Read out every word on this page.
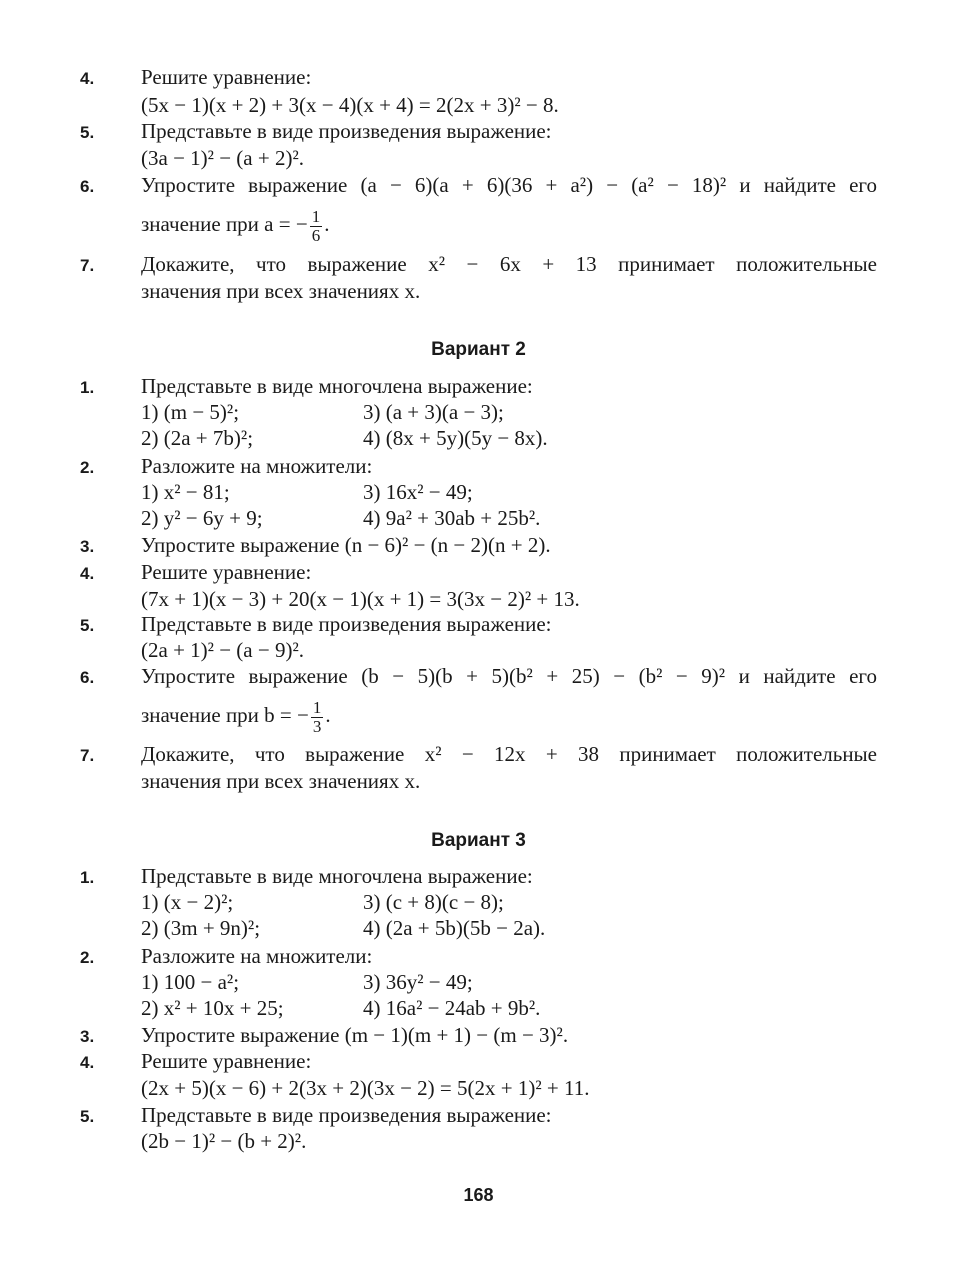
4. Решите уравнение:
(5x − 1)(x + 2) + 3(x − 4)(x + 4) = 2(2x + 3)² − 8.
5. Представьте в виде произведения выражение:
(3a − 1)² − (a + 2)².
6. Упростите выражение (a − 6)(a + 6)(36 + a²) − (a² − 18)² и найдите его
значение при a = − $\frac{1}{6}$ .
7. Докажите, что выражение x² − 6x + 13 принимает положительные
значения при всех значениях x.
Вариант 2
1. Представьте в виде многочлена выражение:
1) (m − 5)²;	3) (a + 3)(a − 3);
2) (2a + 7b)²;	4) (8x + 5y)(5y − 8x).
2. Разложите на множители:
1) x² − 81;	3) 16x² − 49;
2) y² − 6y + 9;	4) 9a² + 30ab + 25b².
3. Упростите выражение (n − 6)² − (n − 2)(n + 2).
4. Решите уравнение:
(7x + 1)(x − 3) + 20(x − 1)(x + 1) = 3(3x − 2)² + 13.
5. Представьте в виде произведения выражение:
(2a + 1)² − (a − 9)².
6. Упростите выражение (b − 5)(b + 5)(b² + 25) − (b² − 9)² и найдите его
значение при b = − $\frac{1}{3}$ .
7. Докажите, что выражение x² − 12x + 38 принимает положительные
значения при всех значениях x.
Вариант 3
1. Представьте в виде многочлена выражение:
1) (x − 2)²;	3) (c + 8)(c − 8);
2) (3m + 9n)²;	4) (2a + 5b)(5b − 2a).
2. Разложите на множители:
1) 100 − a²;	3) 36y² − 49;
2) x² + 10x + 25;	4) 16a² − 24ab + 9b².
3. Упростите выражение (m − 1)(m + 1) − (m − 3)².
4. Решите уравнение:
(2x + 5)(x − 6) + 2(3x + 2)(3x − 2) = 5(2x + 1)² + 11.
5. Представьте в виде произведения выражение:
(2b − 1)² − (b + 2)².
168
